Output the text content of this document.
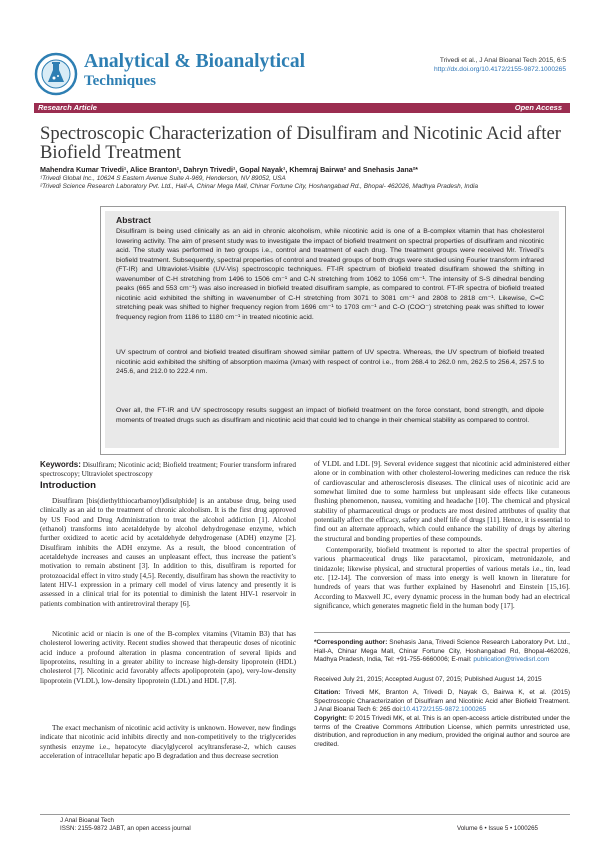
Analytical & Bioanalytical
Techniques
Trivedi et al., J Anal Bioanal Tech 2015, 6:5
http://dx.doi.org/10.4172/2155-9872.1000265
Research Article	Open Access
Spectroscopic Characterization of Disulfiram and Nicotinic Acid after Biofield Treatment
Mahendra Kumar Trivedi¹, Alice Branton¹, Dahryn Trivedi¹, Gopal Nayak¹, Khemraj Bairwa² and Snehasis Jana²*
¹Trivedi Global Inc., 10624 S Eastern Avenue Suite A-969, Henderson, NV 89052, USA
²Trivedi Science Research Laboratory Pvt. Ltd., Hall-A, Chinar Mega Mall, Chinar Fortune City, Hoshangabad Rd., Bhopal- 462026, Madhya Pradesh, India
Abstract
Disulfiram is being used clinically as an aid in chronic alcoholism, while nicotinic acid is one of a B-complex vitamin that has cholesterol lowering activity. The aim of present study was to investigate the impact of biofield treatment on spectral properties of disulfiram and nicotinic acid. The study was performed in two groups i.e., control and treatment of each drug. The treatment groups were received Mr. Trivedi’s biofield treatment. Subsequently, spectral properties of control and treated groups of both drugs were studied using Fourier transform infrared (FT-IR) and Ultraviolet-Visible (UV-Vis) spectroscopic techniques. FT-IR spectrum of biofield treated disulfiram showed the shifting in wavenumber of C-H stretching from 1496 to 1506 cm⁻¹ and C-N stretching from 1062 to 1056 cm⁻¹. The intensity of S-S dihedral bending peaks (665 and 553 cm⁻¹) was also increased in biofield treated disulfiram sample, as compared to control. FT-IR spectra of biofield treated nicotinic acid exhibited the shifting in wavenumber of C-H stretching from 3071 to 3081 cm⁻¹ and 2808 to 2818 cm⁻¹. Likewise, C=C stretching peak was shifted to higher frequency region from 1696 cm⁻¹ to 1703 cm⁻¹ and C-O (COO⁻) stretching peak was shifted to lower frequency region from 1186 to 1180 cm⁻¹ in treated nicotinic acid.
UV spectrum of control and biofield treated disulfiram showed similar pattern of UV spectra. Whereas, the UV spectrum of biofield treated nicotinic acid exhibited the shifting of absorption maxima (λmax) with respect of control i.e., from 268.4 to 262.0 nm, 262.5 to 256.4, 257.5 to 245.6, and 212.0 to 222.4 nm.
Over all, the FT-IR and UV spectroscopy results suggest an impact of biofield treatment on the force constant, bond strength, and dipole moments of treated drugs such as disulfiram and nicotinic acid that could led to change in their chemical stability as compared to control.
Keywords: Disulfiram; Nicotinic acid; Biofield treatment; Fourier transform infrared spectroscopy; Ultraviolet spectroscopy
Introduction
Disulfiram [bis(diethylthiocarbamoyl)disulphide] is an antabuse drug, being used clinically as an aid to the treatment of chronic alcoholism. It is the first drug approved by US Food and Drug Administration to treat the alcohol addiction [1]. Alcohol (ethanol) transforms into acetaldehyde by alcohol dehydrogenase enzyme, which further oxidized to acetic acid by acetaldehyde dehydrogenase (ADH) enzyme [2]. Disulfiram inhibits the ADH enzyme. As a result, the blood concentration of acetaldehyde increases and causes an unpleasant effect, thus increase the patient’s motivation to remain abstinent [3]. In addition to this, disulfiram is reported for protozoacidal effect in vitro study [4,5]. Recently, disulfiram has shown the reactivity to latent HIV-1 expression in a primary cell model of virus latency and presently it is assessed in a clinical trial for its potential to diminish the latent HIV-1 reservoir in patients combination with antiretroviral therapy [6].
Nicotinic acid or niacin is one of the B-complex vitamins (Vitamin B3) that has cholesterol lowering activity. Recent studies showed that therapeutic doses of nicotinic acid induce a profound alteration in plasma concentration of several lipids and lipoproteins, resulting in a greater ability to increase high-density lipoprotein (HDL) cholesterol [7]. Nicotinic acid favorably affects apolipoprotein (apo), very-low-density lipoprotein (VLDL), low-density lipoprotein (LDL) and HDL [7,8].
The exact mechanism of nicotinic acid activity is unknown. However, new findings indicate that nicotinic acid inhibits directly and non-competitively to the triglycerides synthesis enzyme i.e., hepatocyte diacylglycerol acyltransferase-2, which causes acceleration of intracellular hepatic apo B degradation and thus decrease secretion
of VLDL and LDL [9]. Several evidence suggest that nicotinic acid administered either alone or in combination with other cholesterol-lowering medicines can reduce the risk of cardiovascular and atherosclerosis diseases. The clinical uses of nicotinic acid are somewhat limited due to some harmless but unpleasant side effects like cutaneous flushing phenomenon, nausea, vomiting and headache [10]. The chemical and physical stability of pharmaceutical drugs or products are most desired attributes of quality that potentially affect the efficacy, safety and shelf life of drugs [11]. Hence, it is essential to find out an alternate approach, which could enhance the stability of drugs by altering the structural and bonding properties of these compounds.
Contemporarily, biofield treatment is reported to alter the spectral properties of various pharmaceutical drugs like paracetamol, piroxicam, metronidazole, and tinidazole; likewise physical, and structural properties of various metals i.e., tin, lead etc. [12-14]. The conversion of mass into energy is well known in literature for hundreds of years that was further explained by Hasenohrl and Einstein [15,16]. According to Maxwell JC, every dynamic process in the human body had an electrical significance, which generates magnetic field in the human body [17].
*Corresponding author: Snehasis Jana, Trivedi Science Research Laboratory Pvt. Ltd., Hall-A, Chinar Mega Mall, Chinar Fortune City, Hoshangabad Rd, Bhopal-462026, Madhya Pradesh, India, Tel: +91-755-6660006; E-mail: publication@trivedisrl.com
Received July 21, 2015; Accepted August 07, 2015; Published August 14, 2015
Citation: Trivedi MK, Branton A, Trivedi D, Nayak G, Bairwa K, et al. (2015) Spectroscopic Characterization of Disulfiram and Nicotinic Acid after Biofield Treatment. J Anal Bioanal Tech 6: 265 doi:10.4172/2155-9872.1000265
Copyright: © 2015 Trivedi MK, et al. This is an open-access article distributed under the terms of the Creative Commons Attribution License, which permits unrestricted use, distribution, and reproduction in any medium, provided the original author and source are credited.
J Anal Bioanal Tech
ISSN: 2155-9872 JABT, an open access journal	Volume 6 • Issue 5 • 1000265
